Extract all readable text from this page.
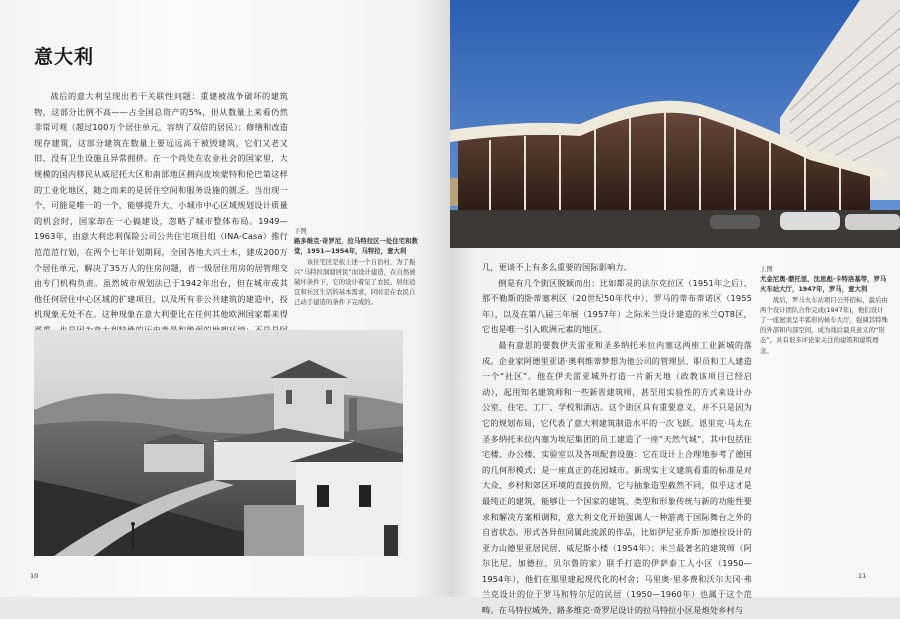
意大利

战后的意大利呈现出若干关联性问题：重建被战争破坏的建筑物，这部分比例不高——占全国总资产的5%，但从数量上来看仍然非常可观（超过100万个居住单元，容纳了双倍的居民）；修缮和改造现存建筑，这部分建筑在数量上要远远高于被毁建筑，它们又老又旧、没有卫生设施且异常拥挤。在一个尚处在农业社会的国家里，大规模的国内移民从威尼托大区和南部地区拥向皮埃蒙特和伦巴第这样的工业化地区，随之而来的是居住空间和服务设施的匮乏。当出现一个，可能是唯一的一个，能够提升大、小城市中心区域规划设计质量的机会时，国家却在一心搞建设，忽略了城市整体布局。1949—1963年，由意大利忠利保险公司公共住宅项目组（INA-Casa）推行范范范行划，在两个七年计划期间，全国各地大兴土木，建成200万个居住单元，解决了35万人的住房问题，省一级居住用房的居管理交由专门机构负责。虽然城市规划法已于1942年出台，但在城市或其他任何居住中心区域的扩建项目，以及所有非公共建筑的建造中，投机现象无处不在。这种现象在意大利要比在任何其他欧洲国家都来得

下图
路多维克·奇罗尼，拉马特拉区一处住宅和教堂，1951—1954年，马特拉，意大利
该住宅区是依上述一个自治村，为了振兴“马特拉洞窟居民”而设计建造，在自然被破坏条件下，它的设计着足了农民、居住适宜和社区生活的基本需求，同时是在农民自己动手建造的条件下完成的。
10

几，更谈不上有多么重要的国际影响力。

倒是有几个街区脱颖而出：比如都灵的法尔克拉区（1951年之后）、那不勒斯的卧蒂塞利区（20世纪50年代中）、罗马的蒂布蒂诺区（1955年），以及在第八届三年展（1957年）之际米兰设计建造的米兰QT8区，它也是唯一引入欧洲元素的地区。

最有意思的要数伊夫雷亚和圣多纳托米拉内塞这两座工业新城的落成。企业家阿德里亚诺·奥利维蒂梦想为他公司的管理层、职员和工人建造一个“社区”。他在伊夫雷亚城外打造一片新天地（政教该项目已经启动），起用知名建筑师和一些新晋建筑师，甚至用实验性的方式来设计办公室、住宅、工厂、学校和酒店。这个街区具有重要意义，并不只是因为它的规划布局，它代表了意大利建筑制造水平的一次飞跃。恩里克·马太在圣多纳托米拉内塞为埃尼集团的员工建造了一座“天然气城”，其中包括住宅楼、办公楼、实验室以及各项配套设施：它在设计上合理地参考了德国的几何形模式；是一座真正的花园城市。新现实主义建筑看重的标准是对大众、乡村和郊区环境的直接仿照，它与抽象造型截然不同，似乎这才是最纯正的建筑，能够让一个国家的建筑、类型和形象传统与新的功能性要求和解决方案相调和，意大利文化开始强调人一种游离于国际舞台之外的自省状态。形式各异但同属此流派的作品，比如伊尼亚乔斯·加德拉设计的亚力山德里亚居民居、威尼斯小楼（1954年）；米兰最著名的建筑师（阿尔比尼、加德拉、贝尔鲁的家）联手打造的伊萨泰工人小区（1950—1954年），他们在那里建起现代化的村舍；马里奥·里多费和沃尔夫冈·弗兰克设计的位于罗马和特尔尼的民居（1950—1960年）也属于这个范畴。在马特拉城外，路多维克·奇罗尼设计的拉马特拉小区是炮处乡村与

上图
尤金尼奥·蒙托里、沈思彪·卡特洛基等，罗马火车站大厅，1947年，罗马，意大利
战后，罗马火车站项目公开招标，最后由两个设计团队合作完成(1947年)，他们设计了一座屋顶呈半弧形的候车大厅，强调其特殊的外部和内部空间，成为战后最具意义的“形态”，具有很多评论家关注的建筑和建筑理念。
11
